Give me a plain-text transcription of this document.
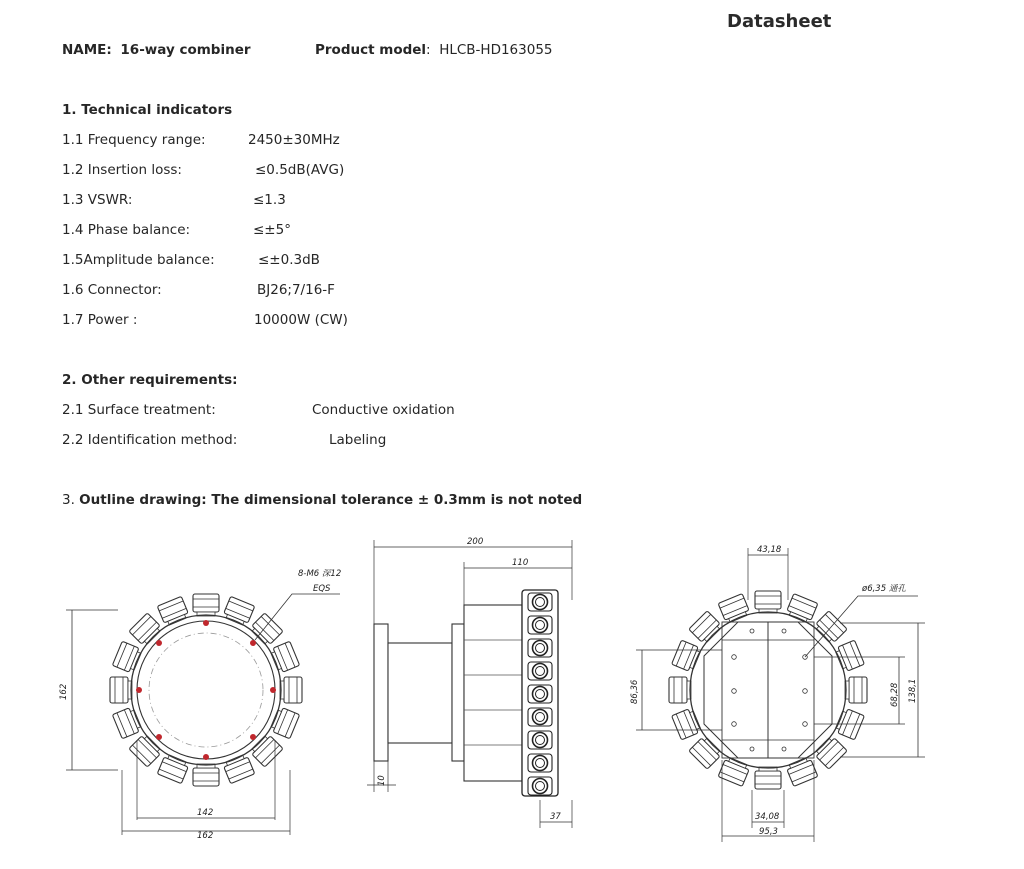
Datasheet
NAME: 16-way combiner	Product model:  HLCB-HD163055
1. Technical indicators
1.1 Frequency range:	2450±30MHz
1.2 Insertion loss:	≤0.5dB(AVG)
1.3 VSWR:	≤1.3
1.4 Phase balance:	≤±5°
1.5Amplitude balance:	≤±0.3dB
1.6 Connector:	BJ26;7/16-F
1.7 Power :	10000W (CW)
2. Other requirements:
2.1 Surface treatment:	Conductive oxidation
2.2 Identification method:	Labeling
3. Outline drawing: The dimensional tolerance ± 0.3mm is not noted
8-M6 深12
EQS
162
142
162
200
110
10
37
ø6,35 通孔
43,18
86,36	68,28 138,1
34,08
95,3
